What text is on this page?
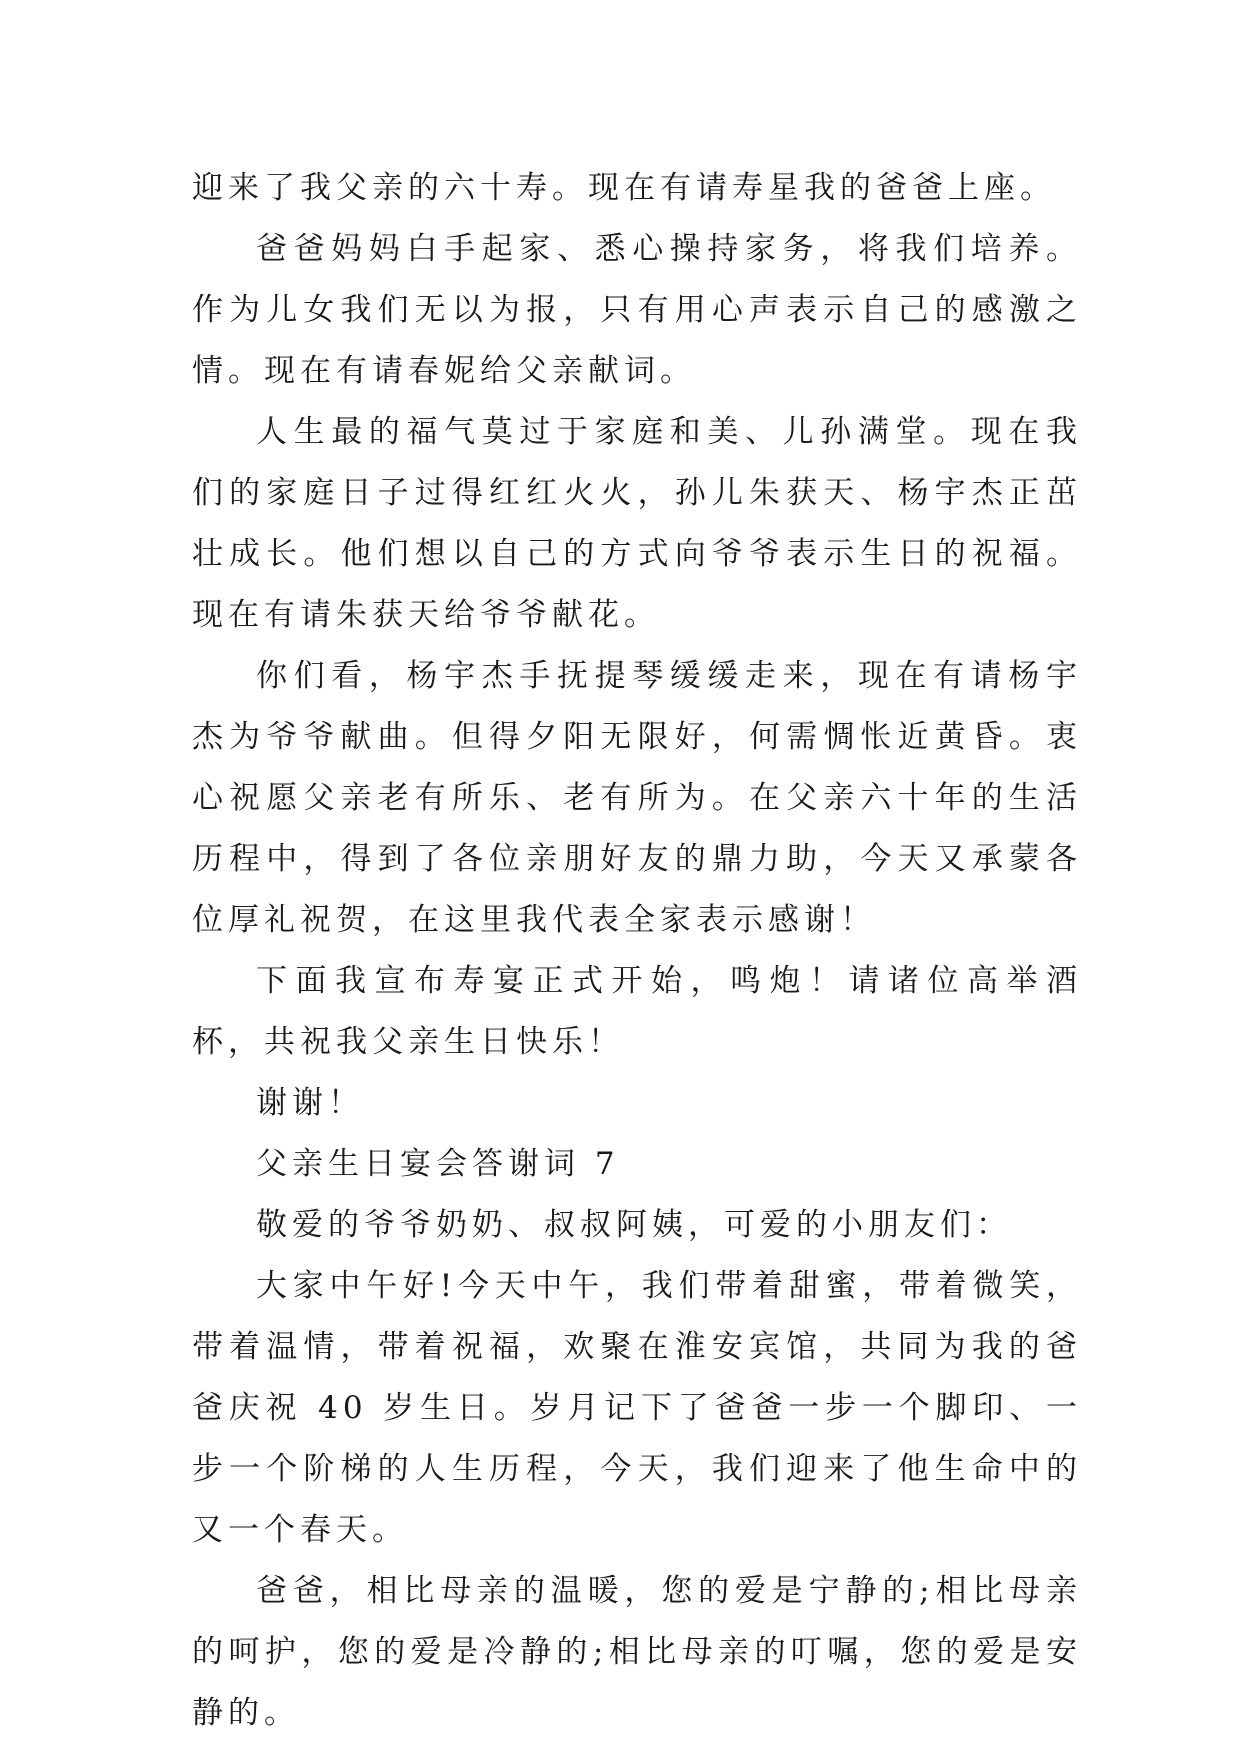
迎来了我父亲的六十寿。现在有请寿星我的爸爸上座。

爸爸妈妈白手起家、悉心操持家务，将我们培养。作为儿女我们无以为报，只有用心声表示自己的感激之情。现在有请春妮给父亲献词。

人生最的福气莫过于家庭和美、儿孙满堂。现在我们的家庭日子过得红红火火，孙儿朱获天、杨宇杰正茁壮成长。他们想以自己的方式向爷爷表示生日的祝福。现在有请朱获天给爷爷献花。

你们看，杨宇杰手抚提琴缓缓走来，现在有请杨宇杰为爷爷献曲。但得夕阳无限好，何需惆怅近黄昏。衷心祝愿父亲老有所乐、老有所为。在父亲六十年的生活历程中，得到了各位亲朋好友的鼎力助，今天又承蒙各位厚礼祝贺，在这里我代表全家表示感谢！

下面我宣布寿宴正式开始，鸣炮！请诸位高举酒杯，共祝我父亲生日快乐！

谢谢！

父亲生日宴会答谢词 7

敬爱的爷爷奶奶、叔叔阿姨，可爱的小朋友们：

大家中午好!今天中午，我们带着甜蜜，带着微笑，带着温情，带着祝福，欢聚在淮安宾馆，共同为我的爸爸庆祝 40 岁生日。岁月记下了爸爸一步一个脚印、一步一个阶梯的人生历程，今天，我们迎来了他生命中的又一个春天。

爸爸，相比母亲的温暖，您的爱是宁静的;相比母亲的呵护，您的爱是冷静的;相比母亲的叮嘱，您的爱是安静的。
